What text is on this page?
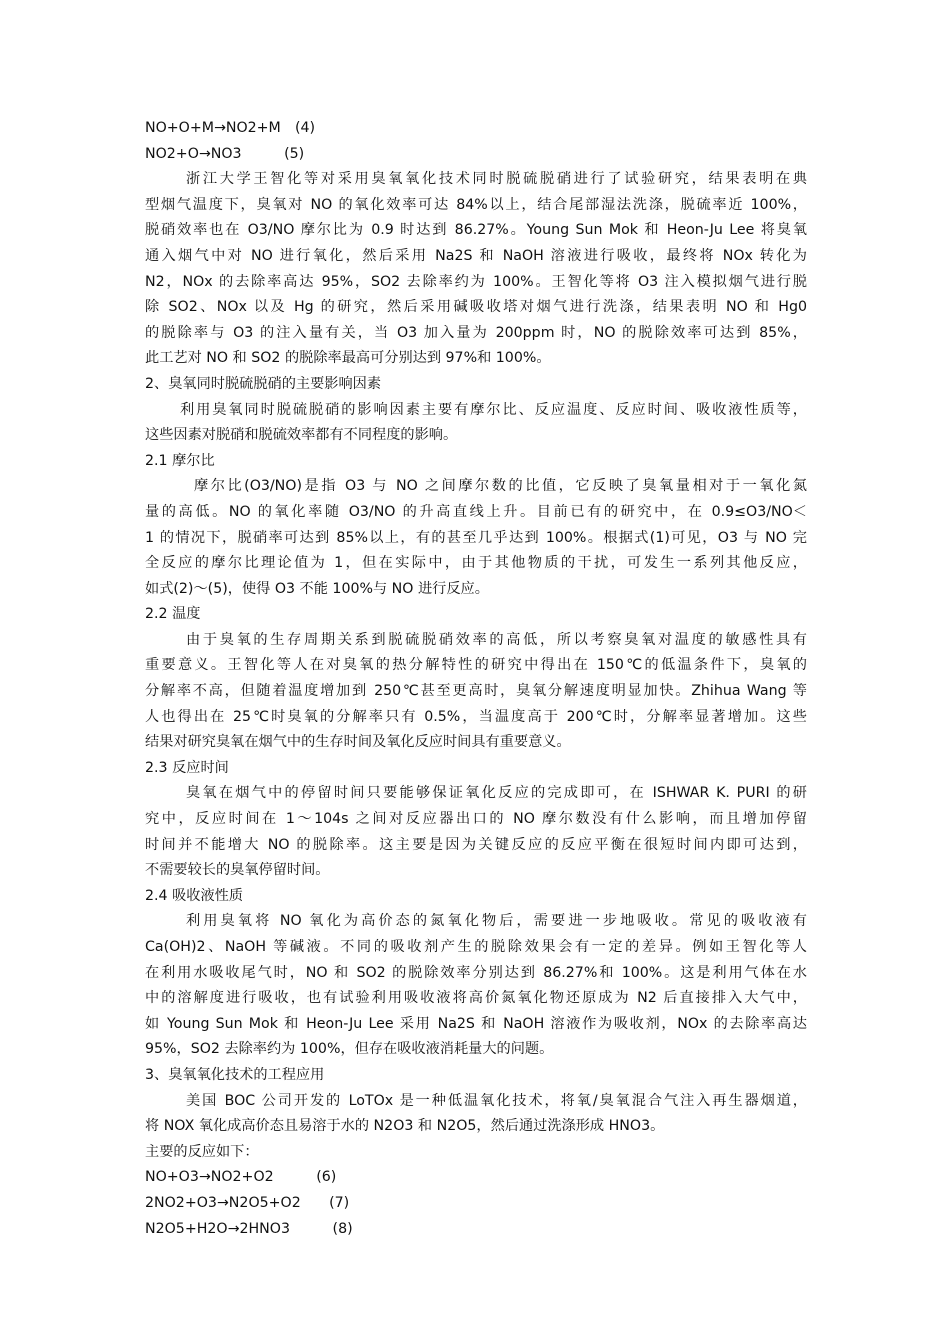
NO+O+M→NO2+M　(4)
NO2+O→NO3　　　(5)
浙江大学王智化等对采用臭氧氧化技术同时脱硫脱硝进行了试验研究，结果表明在典
型烟气温度下，臭氧对 NO 的氧化效率可达 84%以上，结合尾部湿法洗涤，脱硫率近 100%，
脱硝效率也在 O3/NO 摩尔比为 0.9 时达到 86.27%。Young Sun Mok 和 Heon-Ju Lee 将臭氧
通入烟气中对 NO 进行氧化，然后采用 Na2S 和 NaOH 溶液进行吸收，最终将 NOx 转化为
N2，NOx 的去除率高达 95%，SO2 去除率约为 100%。王智化等将 O3 注入模拟烟气进行脱
除 SO2、NOx 以及 Hg 的研究，然后采用碱吸收塔对烟气进行洗涤，结果表明 NO 和 Hg0
的脱除率与 O3 的注入量有关，当 O3 加入量为 200ppm 时，NO 的脱除效率可达到 85%，
此工艺对 NO 和 SO2 的脱除率最高可分别达到 97%和 100%。
2、臭氧同时脱硫脱硝的主要影响因素
利用臭氧同时脱硫脱硝的影响因素主要有摩尔比、反应温度、反应时间、吸收液性质等，
这些因素对脱硝和脱硫效率都有不同程度的影响。
2.1 摩尔比
摩尔比(O3/NO)是指 O3 与 NO 之间摩尔数的比值，它反映了臭氧量相对于一氧化氮
量的高低。NO 的氧化率随 O3/NO 的升高直线上升。目前已有的研究中，在 0.9≤O3/NO＜
1 的情况下，脱硝率可达到 85%以上，有的甚至几乎达到 100%。根据式(1)可见，O3 与 NO 完
全反应的摩尔比理论值为 1，但在实际中，由于其他物质的干扰，可发生一系列其他反应，
如式(2)～(5)，使得 O3 不能 100%与 NO 进行反应。
2.2 温度
由于臭氧的生存周期关系到脱硫脱硝效率的高低，所以考察臭氧对温度的敏感性具有
重要意义。王智化等人在对臭氧的热分解特性的研究中得出在 150℃的低温条件下，臭氧的
分解率不高，但随着温度增加到 250℃甚至更高时，臭氧分解速度明显加快。Zhihua Wang 等
人也得出在 25℃时臭氧的分解率只有 0.5%，当温度高于 200℃时，分解率显著增加。这些
结果对研究臭氧在烟气中的生存时间及氧化反应时间具有重要意义。
2.3 反应时间
臭氧在烟气中的停留时间只要能够保证氧化反应的完成即可，在 ISHWAR K. PURI 的研
究中，反应时间在 1～104s 之间对反应器出口的 NO 摩尔数没有什么影响，而且增加停留
时间并不能增大 NO 的脱除率。这主要是因为关键反应的反应平衡在很短时间内即可达到，
不需要较长的臭氧停留时间。
2.4 吸收液性质
利用臭氧将 NO 氧化为高价态的氮氧化物后，需要进一步地吸收。常见的吸收液有
Ca(OH)2、NaOH 等碱液。不同的吸收剂产生的脱除效果会有一定的差异。例如王智化等人
在利用水吸收尾气时，NO 和 SO2 的脱除效率分别达到 86.27%和 100%。这是利用气体在水
中的溶解度进行吸收，也有试验利用吸收液将高价氮氧化物还原成为 N2 后直接排入大气中，
如 Young Sun Mok 和 Heon-Ju Lee 采用 Na2S 和 NaOH 溶液作为吸收剂，NOx 的去除率高达
95%，SO2 去除率约为 100%，但存在吸收液消耗量大的问题。
3、臭氧氧化技术的工程应用
美国 BOC 公司开发的 LoTOx 是一种低温氧化技术，将氧/臭氧混合气注入再生器烟道，
将 NOX 氧化成高价态且易溶于水的 N2O3 和 N2O5，然后通过洗涤形成 HNO3。
主要的反应如下：
NO+O3→NO2+O2　　　(6)
2NO2+O3→N2O5+O2　　(7)
N2O5+H2O→2HNO3　　　(8)
